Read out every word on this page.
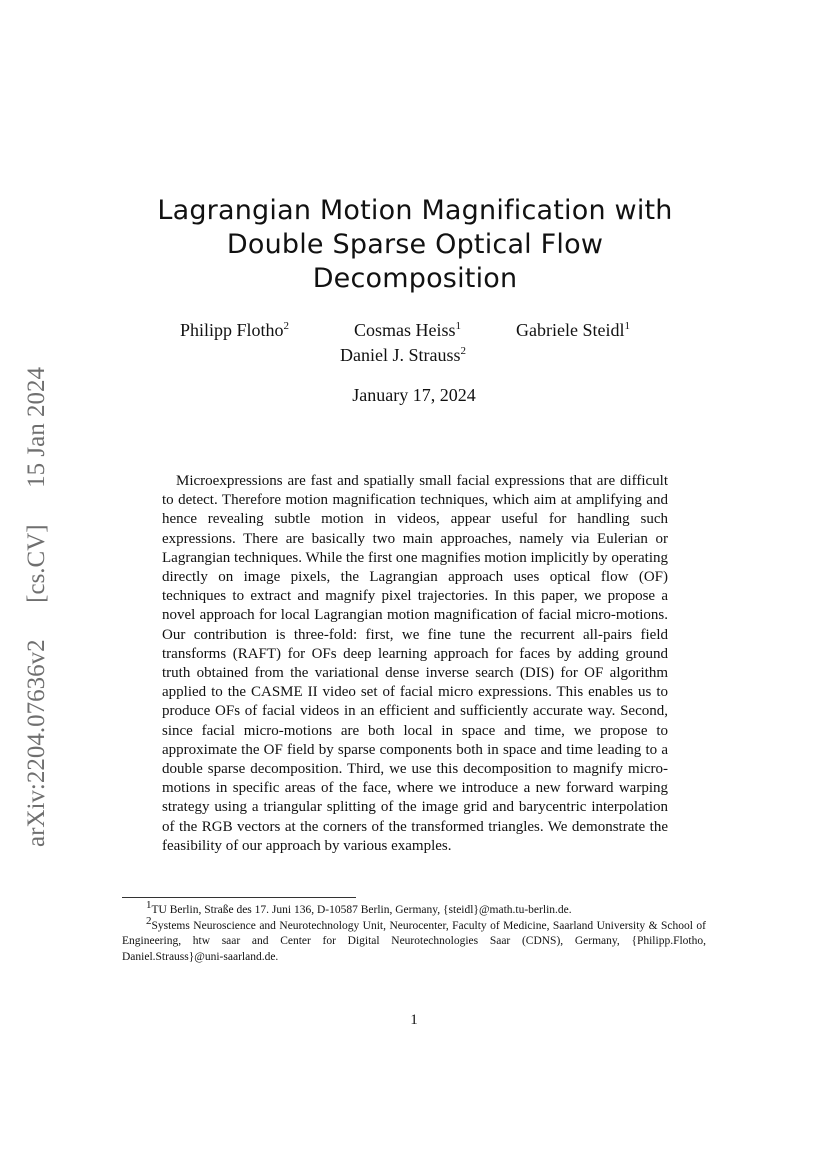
arXiv:2204.07636v2
[cs.CV]
15 Jan 2024
Lagrangian Motion Magnification with
Double Sparse Optical Flow
Decomposition
Philipp Flotho$^2$	Cosmas Heiss$^1$	Gabriele Steidl$^1$
Daniel J. Strauss$^2$
January 17, 2024

Microexpressions are fast and spatially small facial expressions that are difficult to detect. Therefore motion magnification techniques, which aim at amplifying and hence revealing subtle motion in videos, appear useful for handling such expressions. There are basically two main approaches, namely via Eulerian or Lagrangian techniques. While the first one magnifies motion implicitly by operating directly on image pixels, the Lagrangian approach uses optical flow (OF) techniques to extract and magnify pixel trajectories. In this paper, we propose a novel approach for local Lagrangian motion magnification of facial micro-motions. Our contribution is three-fold: first, we fine tune the recurrent all-pairs field transforms (RAFT) for OFs deep learning approach for faces by adding ground truth obtained from the variational dense inverse search (DIS) for OF algorithm applied to the CASME II video set of facial micro expressions. This enables us to produce OFs of facial videos in an efficient and sufficiently accurate way. Second, since facial micro-motions are both local in space and time, we propose to approximate the OF field by sparse components both in space and time leading to a double sparse decomposition. Third, we use this decomposition to magnify micro-motions in specific areas of the face, where we introduce a new forward warping strategy using a triangular splitting of the image grid and barycentric interpolation of the RGB vectors at the corners of the transformed triangles. We demonstrate the feasibility of our approach by various examples.

$^1$TU Berlin, Straße des 17. Juni 136, D-10587 Berlin, Germany, {steidl}@math.tu-berlin.de.

$^2$Systems Neuroscience and Neurotechnology Unit, Neurocenter, Faculty of Medicine, Saarland University & School of Engineering, htw saar and Center for Digital Neurotechnologies Saar (CDNS), Germany, {Philipp.Flotho, Daniel.Strauss}@uni-saarland.de.

1
